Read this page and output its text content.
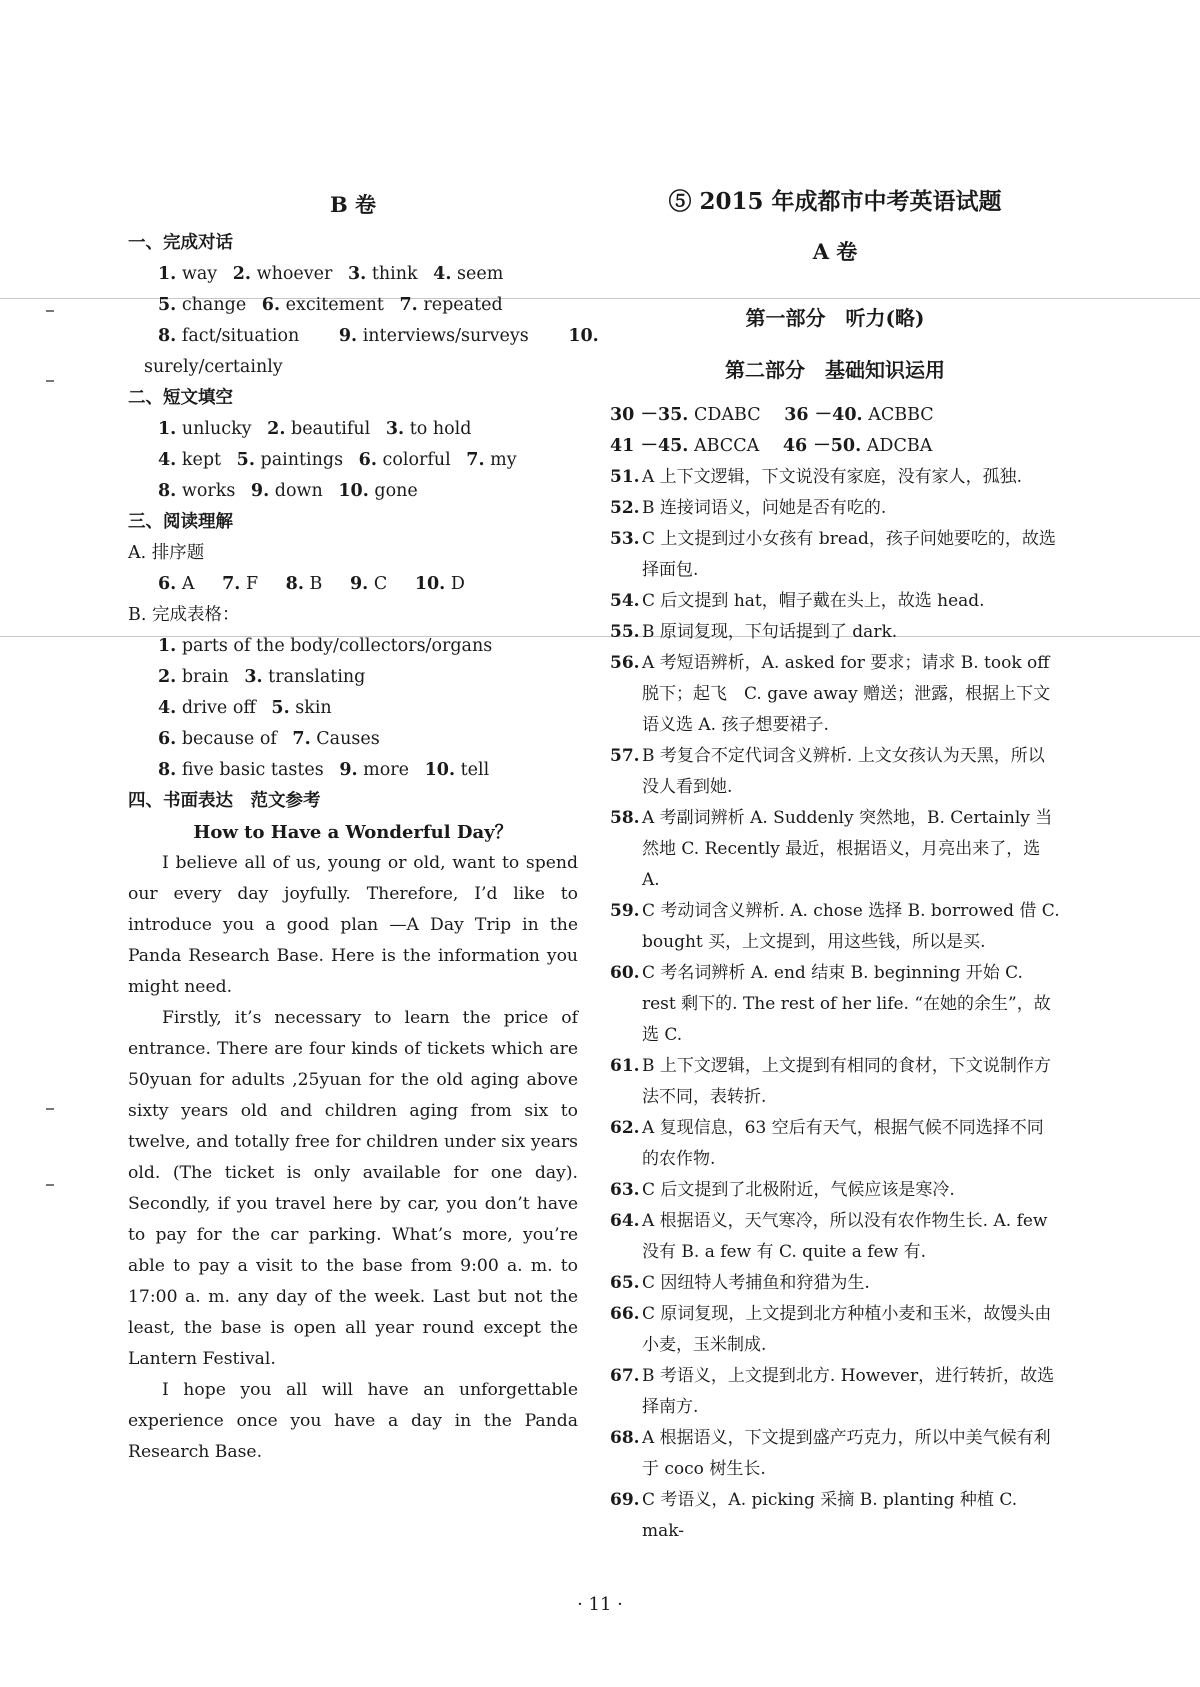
B 卷
一、完成对话
1. way 2. whoever 3. think 4. seem
5. change 6. excitement 7. repeated
8. fact/situation 9. interviews/surveys 10.
surely/certainly
二、短文填空
1. unlucky 2. beautiful 3. to hold
4. kept 5. paintings 6. colorful 7. my
8. works 9. down 10. gone
三、阅读理解
A. 排序题
6. A 7. F 8. B 9. C 10. D
B. 完成表格：
1. parts of the body/collectors/organs
2. brain 3. translating
4. drive off 5. skin
6. because of 7. Causes
8. five basic tastes 9. more 10. tell
四、书面表达　范文参考
How to Have a Wonderful Day？

I believe all of us, young or old, want to spend our every day joyfully. Therefore, I’d like to introduce you a good plan —A Day Trip in the Panda Research Base. Here is the information you might need.

Firstly, it’s necessary to learn the price of entrance. There are four kinds of tickets which are 50yuan for adults ,25yuan for the old aging above sixty years old and children aging from six to twelve, and totally free for children under six years old. (The ticket is only available for one day). Secondly, if you travel here by car, you don’t have to pay for the car parking. What’s more, you’re able to pay a visit to the base from 9:00 a. m. to 17:00 a. m. any day of the week. Last but not the least, the base is open all year round except the Lantern Festival.

I hope you all will have an unforgettable experience once you have a day in the Panda Research Base.

⑤ 2015 年成都市中考英语试题
A 卷
第一部分　听力(略)
第二部分　基础知识运用
30 －35. CDABC 36 －40. ACBBC
41 －45. ABCCA 46 －50. ADCBA
51. A 上下文逻辑，下文说没有家庭，没有家人，孤独.
52. B 连接词语义，问她是否有吃的.
53. C 上文提到过小女孩有 bread，孩子问她要吃的，故选择面包.
54. C 后文提到 hat，帽子戴在头上，故选 head.
55. B 原词复现，下句话提到了 dark.
56. A 考短语辨析，A. asked for 要求；请求 B. took off 脱下；起飞　C. gave away 赠送；泄露，根据上下文语义选 A. 孩子想要裙子.
57. B 考复合不定代词含义辨析. 上文女孩认为天黑，所以没人看到她.
58. A 考副词辨析 A. Suddenly 突然地，B. Certainly 当然地 C. Recently 最近，根据语义，月亮出来了，选 A.
59. C 考动词含义辨析. A. chose 选择 B. borrowed 借 C. bought 买，上文提到，用这些钱，所以是买.
60. C 考名词辨析 A. end 结束 B. beginning 开始 C. rest 剩下的. The rest of her life. “在她的余生”，故选 C.
61. B 上下文逻辑，上文提到有相同的食材，下文说制作方法不同，表转折.
62. A 复现信息，63 空后有天气，根据气候不同选择不同的农作物.
63. C 后文提到了北极附近，气候应该是寒冷.
64. A 根据语义，天气寒冷，所以没有农作物生长. A. few 没有 B. a few 有 C. quite a few 有.
65. C 因纽特人考捕鱼和狩猎为生.
66. C 原词复现，上文提到北方种植小麦和玉米，故馒头由小麦，玉米制成.
67. B 考语义，上文提到北方. However，进行转折，故选择南方.
68. A 根据语义，下文提到盛产巧克力，所以中美气候有利于 coco 树生长.
69. C 考语义，A. picking 采摘 B. planting 种植 C. mak-
· 11 ·
